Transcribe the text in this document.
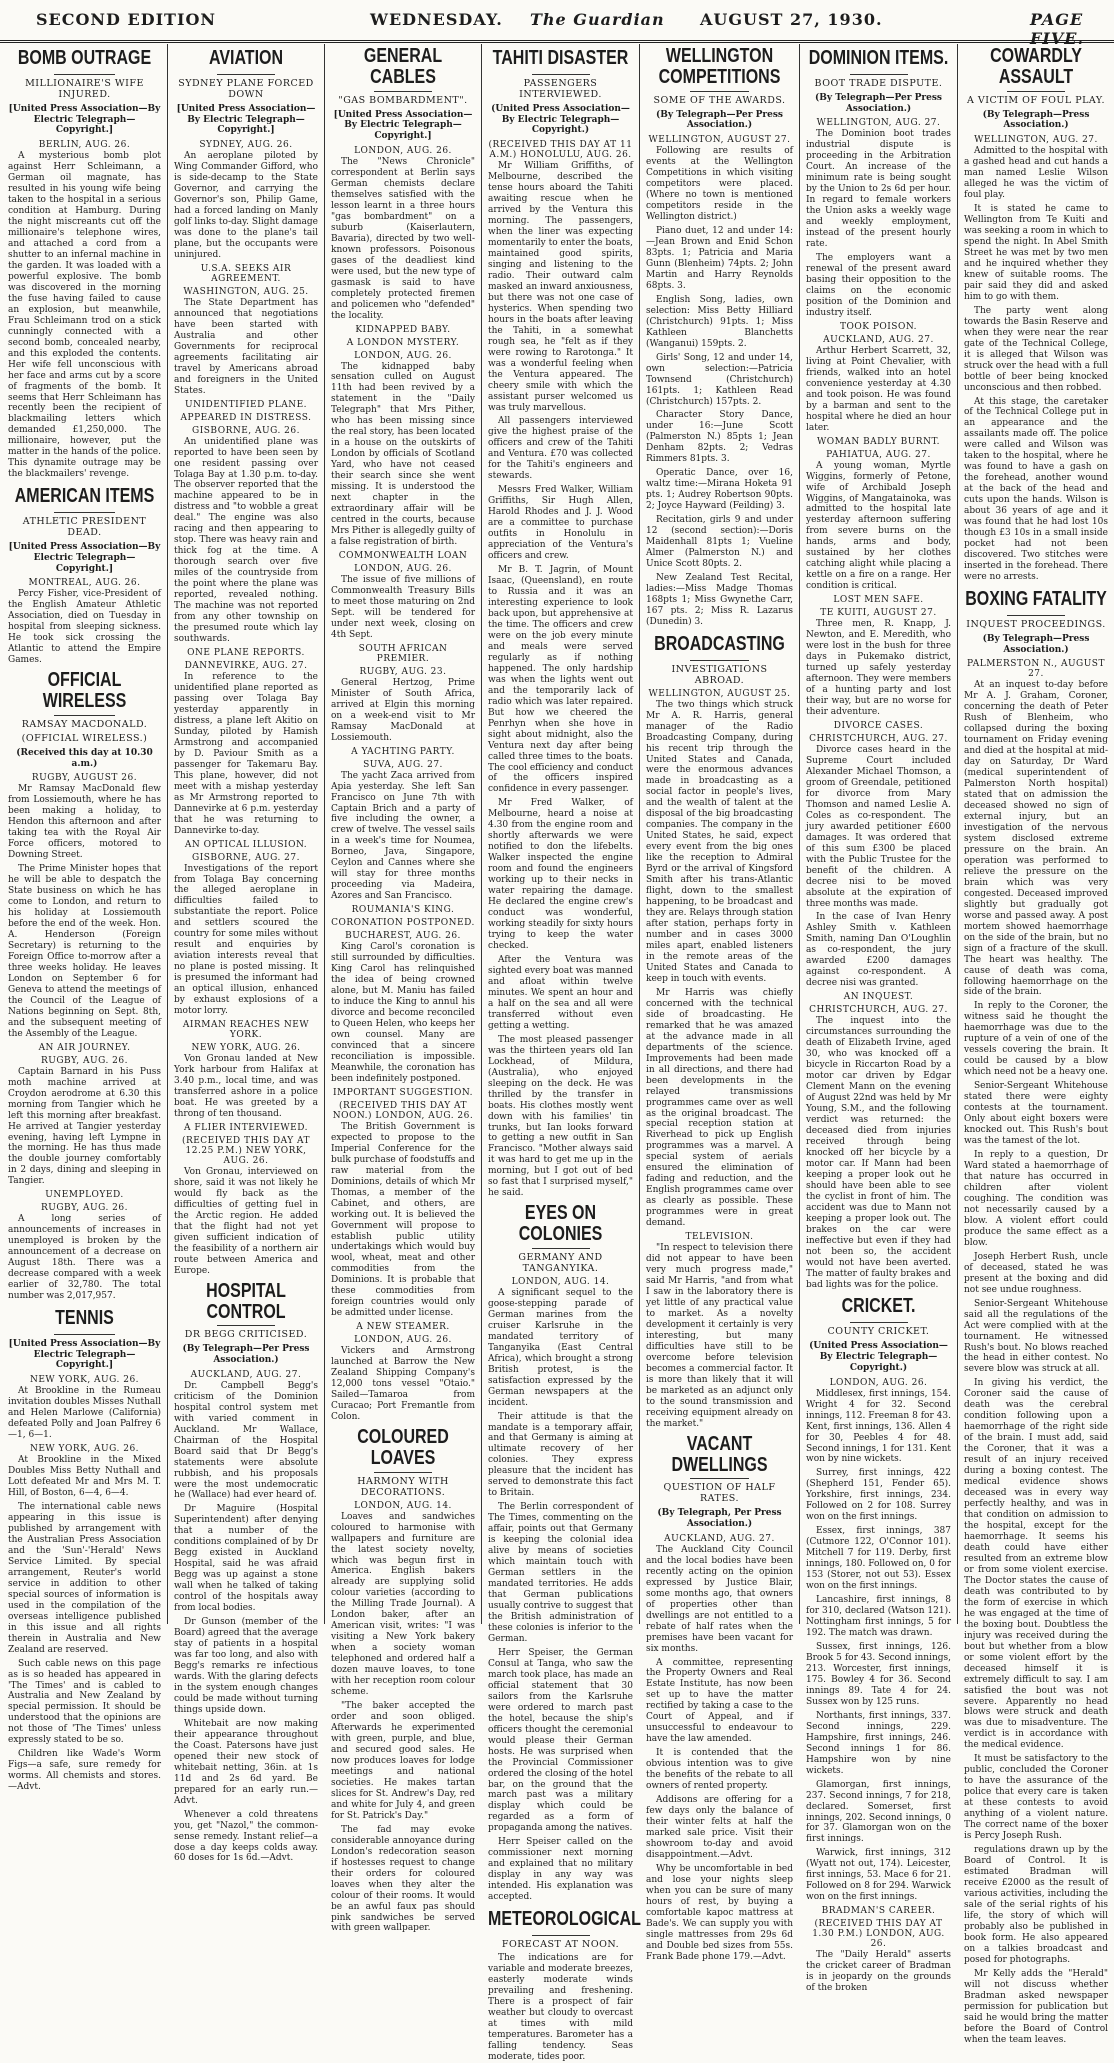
SECOND EDITION	WEDNESDAY. The Guardian AUGUST 27, 1930.	PAGE FIVE.
BOMB OUTRAGE
MILLIONAIRE'S WIFE INJURED.
[United Press Association—By Electric Telegraph—Copyright.]
BERLIN, AUG. 26.

A mysterious bomb plot against Herr Schleimann, a German oil magnate, has resulted in his young wife being taken to the hospital in a serious condition at Hamburg. During the night miscreants cut off the millionaire's telephone wires, and attached a cord from a shutter to an infernal machine in the garden. It was loaded with a powerful explosive. The bomb was discovered in the morning the fuse having failed to cause an explosion, but meanwhile, Frau Schleimann trod on a stick cunningly connected with a second bomb, concealed nearby, and this exploded the contents. Her wife fell unconscious with her face and arms cut by a score of fragments of the bomb. It seems that Herr Schleimann has recently been the recipient of blackmailing letters which demanded £1,250,000. The millionaire, however, put the matter in the hands of the police. This dynamite outrage may be the blackmailers' revenge.

AMERICAN ITEMS
ATHLETIC PRESIDENT DEAD.
[United Press Association—By Electric Telegraph—Copyright.]
MONTREAL, AUG. 26.

Percy Fisher, vice-President of the English Amateur Athletic Association, died on Tuesday in hospital from sleeping sickness. He took sick crossing the Atlantic to attend the Empire Games.

OFFICIAL WIRELESS
RAMSAY MACDONALD.
(OFFICIAL WIRELESS.)
(Received this day at 10.30 a.m.)
RUGBY, AUGUST 26.

Mr Ramsay MacDonald flew from Lossiemouth, where he has been making a holiday, to Hendon this afternoon and after taking tea with the Royal Air Force officers, motored to Downing Street.

The Prime Minister hopes that he will be able to despatch the State business on which he has come to London, and return to his holiday at Lossiemouth before the end of the week. Hon. A. Henderson (Foreign Secretary) is returning to the Foreign Office to-morrow after a three weeks holiday. He leaves London on September 6 for Geneva to attend the meetings of the Council of the League of Nations beginning on Sept. 8th, and the subsequent meeting of the Assembly of the League.

AN AIR JOURNEY.
RUGBY, AUG. 26.

Captain Barnard in his Puss moth machine arrived at Croydon aerodrome at 6.30 this morning from Tangier which he left this morning after breakfast. He arrived at Tangier yesterday evening, having left Lympne in the morning. He has thus made the double journey comfortably in 2 days, dining and sleeping in Tangier.

UNEMPLOYED.
RUGBY, AUG. 26.

A long series of announcements of increases in unemployed is broken by the announcement of a decrease on August 18th. There was a decrease compared with a week earlier of 32,780. The total number was 2,017,957.

TENNIS
[United Press Association—By Electric Telegraph—Copyright.]
NEW YORK, AUG. 26.

At Brookline in the Rumeau invitation doubles Misses Nuthall and Helen Marlowe (California) defeated Polly and Joan Palfrey 6—1, 6—1.

NEW YORK, AUG. 26.

At Brookline in the Mixed Doubles Miss Betty Nuthall and Lott defeated Mr and Mrs M. T. Hill, of Boston, 6—4, 6—4.

The international cable news appearing in this issue is published by arrangement with the Australian Press Association and the 'Sun'-'Herald' News Service Limited. By special arrangement, Reuter's world service in addition to other special sources of information is used in the compilation of the overseas intelligence published in this issue and all rights therein in Australia and New Zealand are reserved.

Such cable news on this page as is so headed has appeared in 'The Times' and is cabled to Australia and New Zealand by special permission. It should be understood that the opinions are not those of 'The Times' unless expressly stated to be so.

Children like Wade's Worm Figs—a safe, sure remedy for worms. All chemists and stores.—Advt.

AVIATION
SYDNEY PLANE FORCED DOWN
[United Press Association—By Electric Telegraph—Copyright.]
SYDNEY, AUG. 26.

An aeroplane piloted by Wing Commander Gifford, who is side-decamp to the State Governor, and carrying the Governor's son, Philip Game, had a forced landing on Manly golf links to-day. Slight damage was done to the plane's tail plane, but the occupants were uninjured.

U.S.A. SEEKS AIR AGREEMENT.
WASHINGTON, AUG. 25.

The State Department has announced that negotiations have been started with Australia and other Governments for reciprocal agreements facilitating air travel by Americans abroad and foreigners in the United States.

UNIDENTIFIED PLANE.
APPEARED IN DISTRESS.
GISBORNE, AUG. 26.

An unidentified plane was reported to have been seen by one resident passing over Tolaga Bay at 1.30 p.m. to-day. The observer reported that the machine appeared to be in distress and "to wobble a great deal." The engine was also racing and then appearing to stop. There was heavy rain and thick fog at the time. A thorough search over five miles of the countryside from the point where the plane was reported, revealed nothing. The machine was not reported from any other township on the presumed route which lay southwards.

ONE PLANE REPORTS.
DANNEVIRKE, AUG. 27.

In reference to the unidentified plane reported as passing over Tolaga Bay yesterday apparently in distress, a plane left Akitio on Sunday, piloted by Hamish Armstrong and accompanied by D. Paviour Smith as a passenger for Takemaru Bay. This plane, however, did not meet with a mishap yesterday as Mr Armstrong reported to Dannevirke at 6 p.m. yesterday that he was returning to Dannevirke to-day.

AN OPTICAL ILLUSION.
GISBORNE, AUG. 27.

Investigations of the report from Tolaga Bay concerning the alleged aeroplane in difficulties failed to substantiate the report. Police and settlers scoured the country for some miles without result and enquiries by aviation interests reveal that no plane is posted missing. It is presumed the informant had an optical illusion, enhanced by exhaust explosions of a motor lorry.

AIRMAN REACHES NEW YORK.
NEW YORK, AUG. 26.

Von Gronau landed at New York harbour from Halifax at 3.40 p.m., local time, and was transferred ashore in a police boat. He was greeted by a throng of ten thousand.

A FLIER INTERVIEWED.
(RECEIVED THIS DAY AT 12.25 P.M.) NEW YORK, AUG. 26.

Von Gronau, interviewed on shore, said it was not likely he would fly back as the difficulties of getting fuel in the Arctic region. He added that the flight had not yet given sufficient indication of the feasibility of a northern air route between America and Europe.

HOSPITAL CONTROL
DR BEGG CRITICISED.
(By Telegraph—Per Press Association.)
AUCKLAND, AUG. 27.

Dr. Campbell Begg's criticism of the Dominion hospital control system met with varied comment in Auckland. Mr Wallace, Chairman of the Hospital Board said that Dr Begg's statements were absolute rubbish, and his proposals were the most undemocratic he (Wallace) had ever heard of.

Dr Maguire (Hospital Superintendent) after denying that a number of the conditions complained of by Dr Begg existed in Auckland Hospital, said he was afraid Begg was up against a stone wall when he talked of taking control of the hospitals away from local bodies.

Dr Gunson (member of the Board) agreed that the average stay of patients in a hospital was far too long, and also with Begg's remarks re infectious wards. With the glaring defects in the system enough changes could be made without turning things upside down.

Whitebait are now making their appearance throughout the Coast. Patersons have just opened their new stock of whitebait netting, 36in. at 1s 11d and 2s 6d yard. Be prepared for an early run.—Advt.

Whenever a cold threatens you, get "Nazol," the common-sense remedy. Instant relief—a dose a day keeps colds away. 60 doses for 1s 6d.—Advt.

GENERAL CABLES
"GAS BOMBARDMENT".
[United Press Association—By Electric Telegraph—Copyright.]
LONDON, AUG. 26.

The "News Chronicle" correspondent at Berlin says German chemists declare themselves satisfied with the lesson learnt in a three hours "gas bombardment" on a suburb (Kaiserlautern, Bavaria), directed by two well-known professors. Poisonous gases of the deadliest kind were used, but the new type of gasmask is said to have completely protected firemen and policemen who "defended" the locality.

KIDNAPPED BABY.
A LONDON MYSTERY.
LONDON, AUG. 26.

The kidnapped baby sensation culled on August 11th had been revived by a statement in the "Daily Telegraph" that Mrs Pither, who has been missing since the real story, has been located in a house on the outskirts of London by officials of Scotland Yard, who have not ceased their search since she went missing. It is understood the next chapter in the extraordinary affair will be centred in the courts, because Mrs Pither is allegedly guilty of a false registration of birth.

COMMONWEALTH LOAN
LONDON, AUG. 26.

The issue of five millions of Commonwealth Treasury Bills to meet those maturing on 2nd Sept. will be tendered for under next week, closing on 4th Sept.

SOUTH AFRICAN PREMIER.
RUGBY, AUG. 23.

General Hertzog, Prime Minister of South Africa, arrived at Elgin this morning on a week-end visit to Mr Ramsay MacDonald at Lossiemouth.

A YACHTING PARTY.
SUVA, AUG. 27.

The yacht Zaca arrived from Apia yesterday. She left San Francisco on June 7th with Captain Brich and a party of five including the owner, a crew of twelve. The vessel sails in a week's time for Noumea, Borneo, Java, Singapore, Ceylon and Cannes where she will stay for three months proceeding via Madeira, Azores and San Francisco.

ROUMANIA'S KING.
CORONATION POSTPONED.
BUCHAREST, AUG. 26.

King Carol's coronation is still surrounded by difficulties. King Carol has relinquished the idea of being crowned alone, but M. Maniu has failed to induce the King to annul his divorce and become reconciled to Queen Helen, who keeps her own counsel. Many are convinced that a sincere reconciliation is impossible. Meanwhile, the coronation has been indefinitely postponed.

IMPORTANT SUGGESTION.
(RECEIVED THIS DAY AT NOON.) LONDON, AUG. 26.

The British Government is expected to propose to the Imperial Conference for the bulk purchase of foodstuffs and raw material from the Dominions, details of which Mr Thomas, a member of the Cabinet, and others, are working out. It is believed the Government will propose to establish public utility undertakings which would buy wool, wheat, meat and other commodities from the Dominions. It is probable that these commodities from foreign countries would only be admitted under license.

A NEW STEAMER.
LONDON, AUG. 26.

Vickers and Armstrong launched at Barrow the New Zealand Shipping Company's 12,000 tons vessel "Otaio." Sailed—Tamaroa from Curacao; Port Fremantle from Colon.

COLOURED LOAVES
HARMONY WITH DECORATIONS.
LONDON, AUG. 14.

Loaves and sandwiches coloured to harmonise with wallpapers and furniture are the latest society novelty, which was begun first in America. English bakers already are supplying solid colour varieties (according to the Milling Trade Journal). A London baker, after an American visit, writes: "I was visiting a New York bakery when a society woman telephoned and ordered half a dozen mauve loaves, to tone with her reception room colour scheme.

"The baker accepted the order and soon obliged. Afterwards he experimented with green, purple, and blue, and secured good sales. He now produces loaves for lodge meetings and national societies. He makes tartan slices for St. Andrew's Day, red and white for July 4, and green for St. Patrick's Day."

The fad may evoke considerable annoyance during London's redecoration season if hostesses request to change their orders for coloured loaves when they alter the colour of their rooms. It would be an awful faux pas should pink sandwiches be served with green wallpaper.

TAHITI DISASTER
PASSENGERS INTERVIEWED.
(United Press Association—By Electric Telegraph—Copyright.)
(RECEIVED THIS DAY AT 11 A.M.) HONOLULU, AUG. 26.

Mr William Griffiths, of Melbourne, described the tense hours aboard the Tahiti awaiting rescue when he arrived by the Ventura this morning. The passengers, when the liner was expecting momentarily to enter the boats, maintained good spirits, singing and listening to the radio. Their outward calm masked an inward anxiousness, but there was not one case of hysterics. When spending two hours in the boats after leaving the Tahiti, in a somewhat rough sea, he "felt as if they were rowing to Rarotonga." It was a wonderful feeling when the Ventura appeared. The cheery smile with which the assistant purser welcomed us was truly marvellous.

All passengers interviewed give the highest praise of the officers and crew of the Tahiti and Ventura. £70 was collected for the Tahiti's engineers and stewards.

Messrs Fred Walker, William Griffiths, Sir Hugh Allen, Harold Rhodes and J. J. Wood are a committee to purchase outfits in Honolulu in appreciation of the Ventura's officers and crew.

Mr B. T. Jagrin, of Mount Isaac, (Queensland), en route to Russia and it was an interesting experience to look back upon, but apprehensive at the time. The officers and crew were on the job every minute and meals were served regularly as if nothing happened. The only hardship was when the lights went out and the temporarily lack of radio which was later repaired. But how we cheered the Penrhyn when she hove in sight about midnight, also the Ventura next day after being called three times to the boats. The cool efficiency and conduct of the officers inspired confidence in every passenger.

Mr Fred Walker, of Melbourne, heard a noise at 4.30 from the engine room and shortly afterwards we were notified to don the lifebelts. Walker inspected the engine room and found the engineers working up to their necks in water repairing the damage. He declared the engine crew's conduct was wonderful, working steadily for sixty hours trying to keep the water checked.

After the Ventura was sighted every boat was manned and afloat within twelve minutes. We spent an hour and a half on the sea and all were transferred without even getting a wetting.

The most pleased passenger was the thirteen years old Ian Lockhead, of Mildura, (Australia), who enjoyed sleeping on the deck. He was thrilled by the transfer in boats. His clothes mostly went down with his families' tin trunks, but Ian looks forward to getting a new outfit in San Francisco. "Mother always said it was hard to get me up in the morning, but I got out of bed so fast that I surprised myself," he said.

EYES ON COLONIES
GERMANY AND TANGANYIKA.
LONDON, AUG. 14.

A significant sequel to the goose-stepping parade of German marines from the cruiser Karlsruhe in the mandated territory of Tanganyika (East Central Africa), which brought a strong British protest, is the satisfaction expressed by the German newspapers at the incident.

Their attitude is that the mandate is a temporary affair, and that Germany is aiming at ultimate recovery of her colonies. They express pleasure that the incident has served to demonstrate this fact to Britain.

The Berlin correspondent of The Times, commenting on the affair, points out that Germany is keeping the colonial idea alive by means of societies which maintain touch with German settlers in the mandated territories. He adds that German publications usually contrive to suggest that the British administration of these colonies is inferior to the German.

Herr Speiser, the German Consul at Tanga, who saw the march took place, has made an official statement that 30 sailors from the Karlsruhe were ordered to march past the hotel, because the ship's officers thought the ceremonial would please their German hosts. He was surprised when the Provincial Commissioner ordered the closing of the hotel bar, on the ground that the march past was a military display which could be regarded as a form of propaganda among the natives.

Herr Speiser called on the commissioner next morning and explained that no military display in any way was intended. His explanation was accepted.

METEOROLOGICAL
FORECAST AT NOON.

The indications are for variable and moderate breezes, easterly moderate winds prevailing and freshening. There is a prospect of fair weather but cloudy to overcast at times with mild temperatures. Barometer has a falling tendency. Seas moderate, tides poor.

WELLINGTON COMPETITIONS
SOME OF THE AWARDS.
(By Telegraph—Per Press Association.)
WELLINGTON, AUGUST 27.

Following are results of events at the Wellington Competitions in which visiting competitors were placed. (Where no town is mentioned competitors reside in the Wellington district.)

Piano duet, 12 and under 14:—Jean Brown and Enid Schon 83pts. 1; Patricia and Maria Gunn (Blenheim) 74pts. 2; John Martin and Harry Reynolds 68pts. 3.

English Song, ladies, own selection: Miss Betty Hilliard (Christchurch) 91pts. 1; Miss Kathleen Blanchetts (Wanganui) 159pts. 2.

Girls' Song, 12 and under 14, own selection:—Patricia Townsend (Christchurch) 161pts. 1; Kathleen Read (Christchurch) 157pts. 2.

Character Story Dance, under 16:—June Scott (Palmerston N.) 85pts 1; Jean Denham 82pts. 2; Vedras Rimmers 81pts. 3.

Operatic Dance, over 16, waltz time:—Mirana Hoketa 91 pts. 1; Audrey Robertson 90pts. 2; Joyce Hayward (Feilding) 3.

Recitation, girls 9 and under 12 (second section):—Doris Maidenhall 81pts 1; Vueline Almer (Palmerston N.) and Unice Scott 80pts. 2.

New Zealand Test Recital, ladies:—Miss Madge Thomas 168pts 1; Miss Gwynethe Carr, 167 pts. 2; Miss R. Lazarus (Dunedin) 3.

BROADCASTING
INVESTIGATIONS ABROAD.
WELLINGTON, AUGUST 25.

The two things which struck Mr A. R. Harris, general manager of the Radio Broadcasting Company, during his recent trip through the United States and Canada, were the enormous advances made in broadcasting as a social factor in people's lives, and the wealth of talent at the disposal of the big broadcasting companies. The company in the United States, he said, expect every event from the big ones like the reception to Admiral Byrd or the arrival of Kingsford Smith after his trans-Atlantic flight, down to the smallest happening, to be broadcast and they are. Relays through station after station, perhaps forty in number and in cases 3000 miles apart, enabled listeners in the remote areas of the United States and Canada to keep in touch with events.

Mr Harris was chiefly concerned with the technical side of broadcasting. He remarked that he was amazed at the advance made in all departments of the science. Improvements had been made in all directions, and there had been developments in the relayed transmissions programmes came over as well as the original broadcast. The special reception station at Riverhead to pick up English programmes was a marvel. A special system of aerials ensured the elimination of fading and reduction, and the English programmes came over as clearly as possible. These programmes were in great demand.

TELEVISION.

"In respect to television there did not appear to have been very much progress made," said Mr Harris, "and from what I saw in the laboratory there is yet little of any practical value to market. As a novelty development it certainly is very interesting, but many difficulties have still to be overcome before television becomes a commercial factor. It is more than likely that it will be marketed as an adjunct only to the sound transmission and receiving equipment already on the market."

VACANT DWELLINGS
QUESTION OF HALF RATES.
(By Telegraph, Per Press Association.)
AUCKLAND, AUG. 27.

The Auckland City Council and the local bodies have been recently acting on the opinion expressed by Justice Blair, some months ago, that owners of properties other than dwellings are not entitled to a rebate of half rates when the premises have been vacant for six months.

A committee, representing the Property Owners and Real Estate Institute, has now been set up to have the matter rectified by taking a case to the Court of Appeal, and if unsuccessful to endeavour to have the law amended.

It is contended that the obvious intention was to give the benefits of the rebate to all owners of rented property.

Addisons are offering for a few days only the balance of their winter felts at half the marked sale price. Visit their showroom to-day and avoid disappointment.—Advt.

Why be uncomfortable in bed and lose your nights sleep when you can be sure of many hours of rest, by buying a comfortable kapoc mattress at Bade's. We can supply you with single mattresses from 29s 6d and Double bed sizes from 55s. Frank Bade phone 179.—Advt.

DOMINION ITEMS.
BOOT TRADE DISPUTE.
(By Telegraph—Per Press Association.)
WELLINGTON, AUG. 27.

The Dominion boot trades industrial dispute is proceeding in the Arbitration Court. An increase of the minimum rate is being sought by the Union to 2s 6d per hour. In regard to female workers the Union asks a weekly wage and weekly employment, instead of the present hourly rate.

The employers want a renewal of the present award basing their opposition to the claims on the economic position of the Dominion and industry itself.

TOOK POISON.
AUCKLAND, AUG. 27.

Arthur Herbert Scarrett, 32, living at Point Chevalier, with friends, walked into an hotel convenience yesterday at 4.30 and took poison. He was found by a barman and sent to the hospital where he died an hour later.

WOMAN BADLY BURNT.
PAHIATUA, AUG. 27.

A young woman, Myrtle Wiggins, formerly of Petone, wife of Archibald Joseph Wiggins, of Mangatainoka, was admitted to the hospital late yesterday afternoon suffering from severe burns on the hands, arms and body, sustained by her clothes catching alight while placing a kettle on a fire on a range. Her condition is critical.

LOST MEN SAFE.
TE KUITI, AUGUST 27.

Three men, R. Knapp, J. Newton, and E. Meredith, who were lost in the bush for three days in Pukemako district, turned up safely yesterday afternoon. They were members of a hunting party and lost their way, but are no worse for their adventure.

DIVORCE CASES.
CHRISTCHURCH, AUG. 27.

Divorce cases heard in the Supreme Court included Alexander Michael Thomson, a groom of Greendale, petitioned for divorce from Mary Thomson and named Leslie A. Coles as co-respondent. The jury awarded petitioner £600 damages. It was ordered that of this sum £300 be placed with the Public Trustee for the benefit of the children. A decree nisi to be moved absolute at the expiration of three months was made.

In the case of Ivan Henry Ashley Smith v. Kathleen Smith, naming Dan O'Loughlin as co-respondent, the jury awarded £200 damages against co-respondent. A decree nisi was granted.

AN INQUEST.
CHRISTCHURCH, AUG. 27.

The inquest into the circumstances surrounding the death of Elizabeth Irvine, aged 30, who was knocked off a bicycle in Riccarton Road by a motor car driven by Edgar Clement Mann on the evening of August 22nd was held by Mr Young, S.M., and the following verdict was returned: the deceased died from injuries received through being knocked off her bicycle by a motor car. If Mann had been keeping a proper look out he should have been able to see the cyclist in front of him. The accident was due to Mann not keeping a proper look out. The brakes on the car were ineffective but even if they had not been so, the accident would not have been averted. The matter of faulty brakes and bad lights was for the police.

CRICKET.
COUNTY CRICKET.
(United Press Association—By Electric Telegraph—Copyright.)
LONDON, AUG. 26.

Middlesex, first innings, 154. Wright 4 for 32. Second innings, 112. Freeman 8 for 43. Kent, first innings, 136. Allen 4 for 30, Peebles 4 for 48. Second innings, 1 for 131. Kent won by nine wickets.

Surrey, first innings, 422 (Shepherd 151, Fender 65). Yorkshire, first innings, 234. Followed on 2 for 108. Surrey won on the first innings.

Essex, first innings, 387 (Cutmore 122, O'Connor 101). Mitchell 7 for 119. Derby, first innings, 180. Followed on, 0 for 153 (Storer, not out 53). Essex won on the first innings.

Lancashire, first innings, 8 for 310, declared (Watson 121). Nottingham first innings, 5 for 192. The match was drawn.

Sussex, first innings, 126. Brook 5 for 43. Second innings, 213. Worcester, first innings, 175. Bowley 4 for 36. Second innings 89. Tate 4 for 24. Sussex won by 125 runs.

Northants, first innings, 337. Second innings, 229. Hampshire, first innings, 246. Second innings 1 for 86. Hampshire won by nine wickets.

Glamorgan, first innings, 237. Second innings, 7 for 218, declared. Somerset, first innings, 202. Second innings, 0 for 37. Glamorgan won on the first innings.

Warwick, first innings, 312 (Wyatt not out, 174). Leicester, first innings, 53. Mace 6 for 21. Followed on 8 for 294. Warwick won on the first innings.

BRADMAN'S CAREER.
(RECEIVED THIS DAY AT 1.30 P.M.) LONDON, AUG. 26.

The "Daily Herald" asserts the cricket career of Bradman is in jeopardy on the grounds of the broken

COWARDLY ASSAULT
A VICTIM OF FOUL PLAY.
(By Telegraph—Press Association.)
WELLINGTON, AUG. 27.

Admitted to the hospital with a gashed head and cut hands a man named Leslie Wilson alleged he was the victim of foul play.

It is stated he came to Wellington from Te Kuiti and was seeking a room in which to spend the night. In Abel Smith Street he was met by two men and he inquired whether they knew of suitable rooms. The pair said they did and asked him to go with them.

The party went along towards the Basin Reserve and when they were near the rear gate of the Technical College, it is alleged that Wilson was struck over the head with a full bottle of beer being knocked unconscious and then robbed.

At this stage, the caretaker of the Technical College put in an appearance and the assailants made off. The police were called and Wilson was taken to the hospital, where he was found to have a gash on the forehead, another wound at the back of the head and cuts upon the hands. Wilson is about 36 years of age and it was found that he had lost 10s though £3 10s in a small inside pocket had not been discovered. Two stitches were inserted in the forehead. There were no arrests.

BOXING FATALITY
INQUEST PROCEEDINGS.
(By Telegraph—Press Association.)
PALMERSTON N., AUGUST 27.

At an inquest to-day before Mr A. J. Graham, Coroner, concerning the death of Peter Rush of Blenheim, who collapsed during the boxing tournament on Friday evening and died at the hospital at mid-day on Saturday, Dr Ward (medical superintendent of Palmerston North hospital) stated that on admission the deceased showed no sign of external injury, but an investigation of the nervous system disclosed extreme pressure on the brain. An operation was performed to relieve the pressure on the brain which was very congested. Deceased improved slightly but gradually got worse and passed away. A post mortem showed haemorrhage on the side of the brain, but no sign of a fracture of the skull. The heart was healthy. The cause of death was coma, following haemorrhage on the side of the brain.

In reply to the Coroner, the witness said he thought the haemorrhage was due to the rupture of a vein of one of the vessels covering the brain. It could be caused by a blow which need not be a heavy one.

Senior-Sergeant Whitehouse stated there were eighty contests at the tournament. Only about eight boxers were knocked out. This Rush's bout was the tamest of the lot.

In reply to a question, Dr Ward stated a haemorrhage of that nature has occurred in children after violent coughing. The condition was not necessarily caused by a blow. A violent effort could produce the same effect as a blow.

Joseph Herbert Rush, uncle of deceased, stated he was present at the boxing and did not see undue roughness.

Senior-Sergeant Whitehouse said all the regulations of the Act were complied with at the tournament. He witnessed Rush's bout. No blows reached the head in either contest. No severe blow was struck at all.

In giving his verdict, the Coroner said the cause of death was the cerebral condition following upon a haemorrhage of the right side of the brain. I must add, said the Coroner, that it was a result of an injury received during a boxing contest. The medical evidence shows deceased was in every way perfectly healthy, and was in that condition on admission to the hospital, except for the haemorrhage. It seems his death could have either resulted from an extreme blow or from some violent exercise. The Doctor states the cause of death was contributed to by the form of exercise in which he was engaged at the time of the boxing bout. Doubtless the injury was received during the bout but whether from a blow or some violent effort by the deceased himself it is extremely difficult to say. I am satisfied the bout was not severe. Apparently no head blows were struck and death was due to misadventure. The verdict is in accordance with the medical evidence.

It must be satisfactory to the public, concluded the Coroner to have the assurance of the police that every care is taken at these contests to avoid anything of a violent nature. The correct name of the boxer is Percy Joseph Rush.

regulations drawn up by the Board of Control. It is estimated Bradman will receive £2000 as the result of various activities, including the sale of the serial rights of his life, the story of which will probably also be published in book form. He also appeared on a talkies broadcast and posed for photographs.

Mr Kelly adds the "Herald" will not discuss whether Bradman asked newspaper permission for publication but said he would bring the matter before the Board of Control when the team leaves.
